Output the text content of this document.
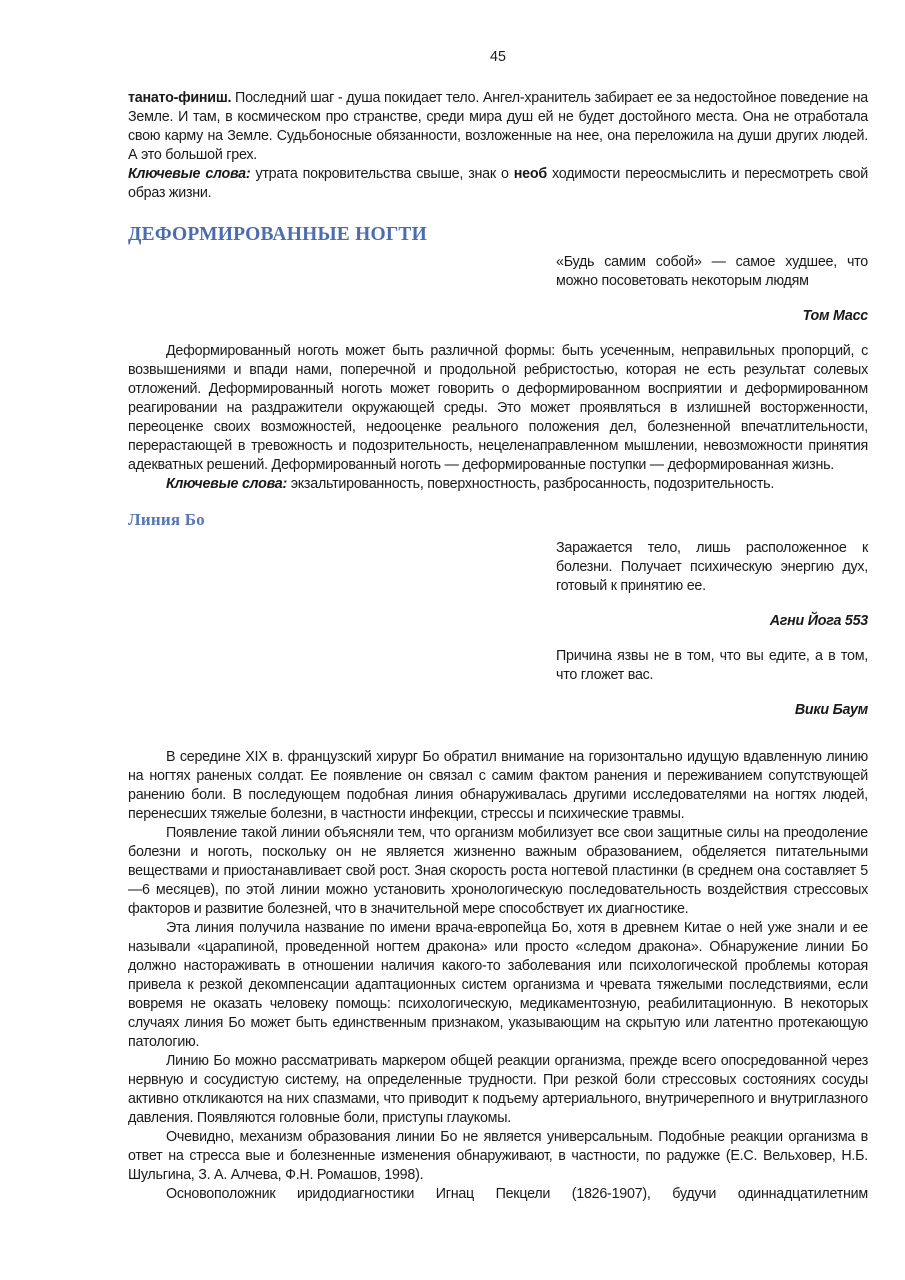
45

танато-финиш. Последний шаг - душа покидает тело. Ангел-хранитель забирает ее за недостойное поведение на Земле. И там, в космическом про странстве, среди мира душ ей не будет достойного места. Она не отработала свою карму на Земле. Судьбоносные обязанности, возложенные на нее, она переложила на души других людей. А это большой грех.

Ключевые слова: утрата покровительства свыше, знак о необ ходимости переосмыслить и пересмотреть свой образ жизни.

ДЕФОРМИРОВАННЫЕ НОГТИ

«Будь самим собой» — самое худшее, что можно посоветовать некоторым людям

Том Масс

Деформированный ноготь может быть различной формы: быть усеченным, неправильных пропорций, с возвышениями и впади нами, поперечной и продольной ребристостью, которая не есть результат солевых отложений. Деформированный ноготь может говорить о деформированном восприятии и деформированном реагировании на раздражители окружающей среды. Это может проявляться в излишней восторженности, переоценке своих возможностей, недооценке реального положения дел, болезненной впечатлительности, перерастающей в тревожность и подозрительность, нецеленаправленном мышлении, невозможности принятия адекватных решений. Деформированный ноготь — деформированные поступки — деформированная жизнь.

Ключевые слова: экзальтированность, поверхностность, разбросанность, подозрительность.

Линия Бо

Заражается тело, лишь расположенное к болезни. Получает психическую энергию дух, готовый к принятию ее.

Агни Йога 553

Причина язвы не в том, что вы едите, а в том, что гложет вас.

Вики Баум

В середине XIX в. французский хирург Бо обратил внимание на горизонтально идущую вдавленную линию на ногтях раненых солдат. Ее появление он связал с самим фактом ранения и переживанием сопутствующей ранению боли. В последующем подобная линия обнаруживалась другими исследователями на ногтях людей, перенесших тяжелые болезни, в частности инфекции, стрессы и психические травмы.

Появление такой линии объясняли тем, что организм мобилизует все свои защитные силы на преодоление болезни и ноготь, поскольку он не является жизненно важным образованием, обделяется питательными веществами и приостанавливает свой рост. Зная скорость роста ногтевой пластинки (в среднем она составляет 5—6 месяцев), по этой линии можно установить хронологическую последовательность воздействия стрессовых факторов и развитие болезней, что в значительной мере способствует их диагностике.

Эта линия получила название по имени врача-европейца Бо, хотя в древнем Китае о ней уже знали и ее называли «царапиной, проведенной ногтем дракона» или просто «следом дракона». Обнаружение линии Бо должно настораживать в отношении наличия какого-то заболевания или психологической проблемы которая привела к резкой декомпенсации адаптационных систем организма и чревата тяжелыми последствиями, если вовремя не оказать человеку помощь: психологическую, медикаментозную, реабилитационную. В некоторых случаях линия Бо может быть единственным признаком, указывающим на скрытую или латентно протекающую патологию.

Линию Бо можно рассматривать маркером общей реакции организма, прежде всего опосредованной через нервную и сосудистую систему, на определенные трудности. При резкой боли стрессовых состояниях сосуды активно откликаются на них спазмами, что приводит к подъему артериального, внутричерепного и внутриглазного давления. Появляются головные боли, приступы глаукомы.

Очевидно, механизм образования линии Бо не является универсальным. Подобные реакции организма в ответ на стресса вые и болезненные изменения обнаруживают, в частности, по радужке (Е.С. Вельховер, Н.Б. Шульгина, З. А. Алчева, Ф.Н. Ромашов, 1998).

Основоположник иридодиагностики Игнац Пекцели (1826-1907), будучи одиннадцатилетним
